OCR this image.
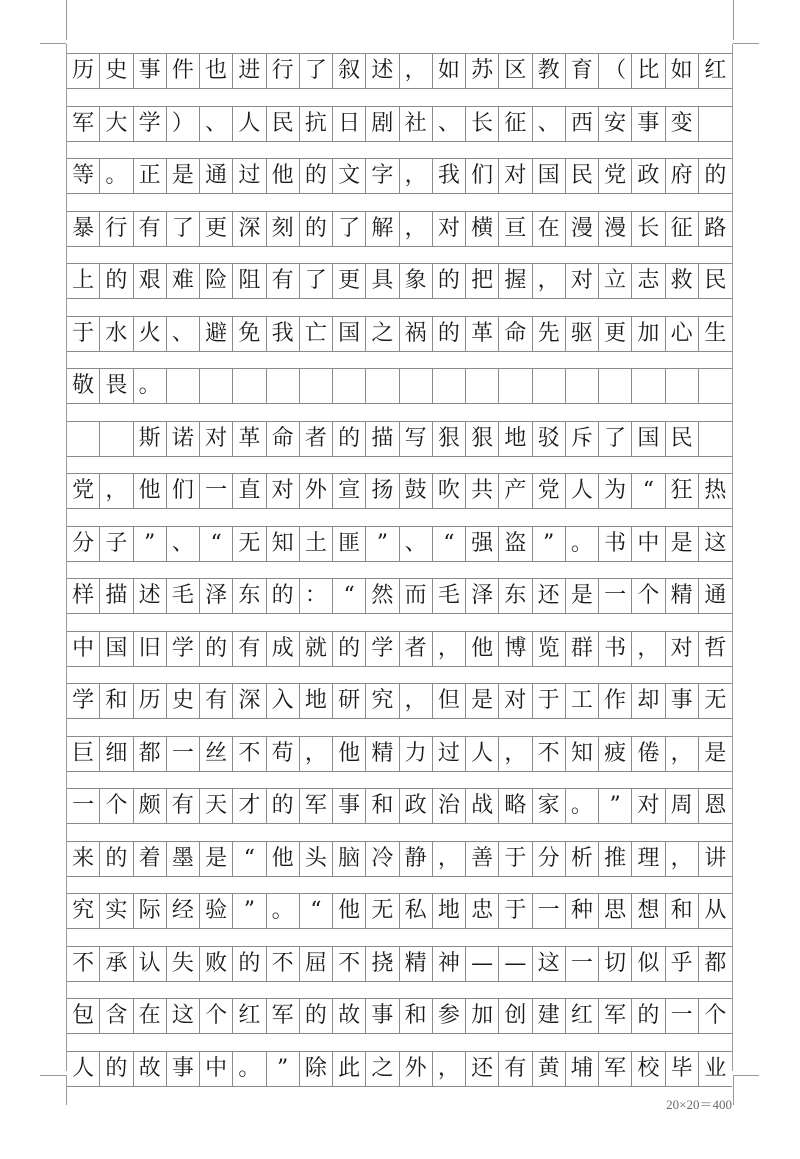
历 史 事 件 也 进 行 了 叙 述 ， 如 苏 区 教 育 （ 比 如 红
军 大 学 ） 、 人 民 抗 日 剧 社 、 长 征 、 西 安 事 变
等 。 正 是 通 过 他 的 文 字 ， 我 们 对 国 民 党 政 府 的
暴 行 有 了 更 深 刻 的 了 解 ， 对 横 亘 在 漫 漫 长 征 路
上 的 艰 难 险 阻 有 了 更 具 象 的 把 握 ， 对 立 志 救 民
于 水 火 、 避 免 我 亡 国 之 祸 的 革 命 先 驱 更 加 心 生
敬 畏 。
斯 诺 对 革 命 者 的 描 写 狠 狠 地 驳 斥 了 国 民
党 ， 他 们 一 直 对 外 宣 扬 鼓 吹 共 产 党 人 为 “ 狂 热
分 子 ” 、 “ 无 知 土 匪 ” 、 “ 强 盗 ” 。 书 中 是 这
样 描 述 毛 泽 东 的 ： “ 然 而 毛 泽 东 还 是 一 个 精 通
中 国 旧 学 的 有 成 就 的 学 者 ， 他 博 览 群 书 ， 对 哲
学 和 历 史 有 深 入 地 研 究 ， 但 是 对 于 工 作 却 事 无
巨 细 都 一 丝 不 苟 ， 他 精 力 过 人 ， 不 知 疲 倦 ， 是
一 个 颇 有 天 才 的 军 事 和 政 治 战 略 家 。 ” 对 周 恩
来 的 着 墨 是 “ 他 头 脑 冷 静 ， 善 于 分 析 推 理 ， 讲
究 实 际 经 验 ” 。 “ 他 无 私 地 忠 于 一 种 思 想 和 从
不 承 认 失 败 的 不 屈 不 挠 精 神 — — 这 一 切 似 乎 都
包 含 在 这 个 红 军 的 故 事 和 参 加 创 建 红 军 的 一 个
人 的 故 事 中 。 ” 除 此 之 外 ， 还 有 黄 埔 军 校 毕 业
20×20＝400
